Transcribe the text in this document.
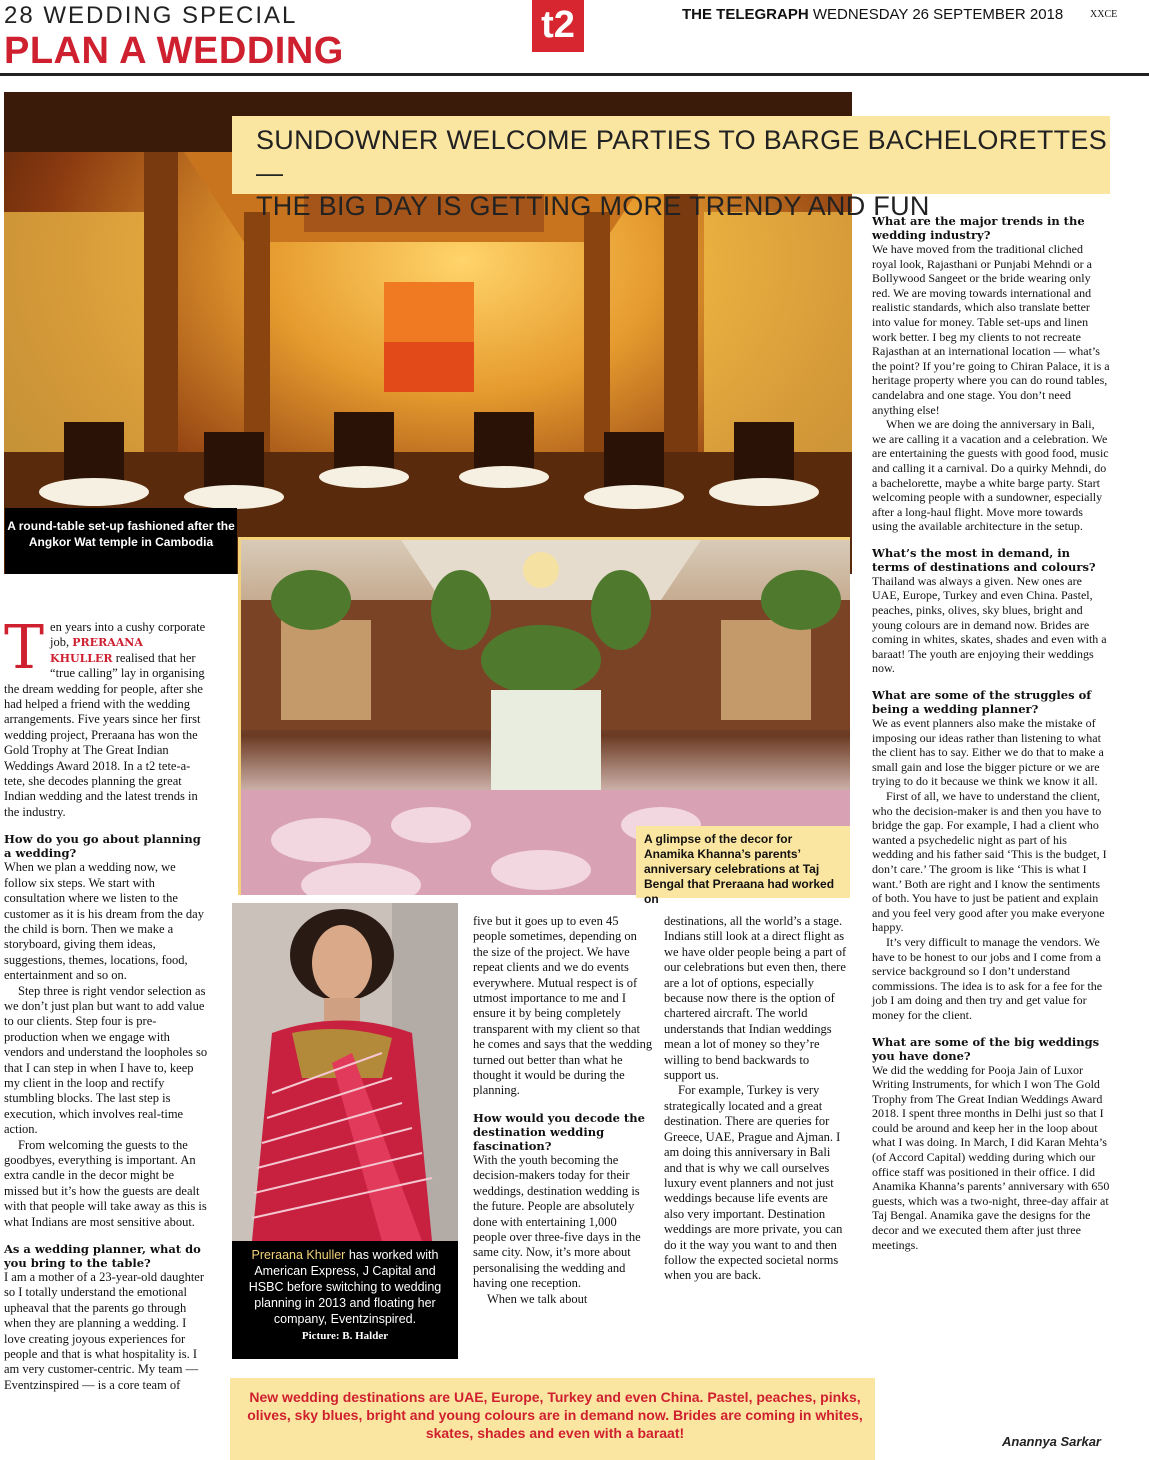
28 WEDDING SPECIAL
PLAN A WEDDING
t2	THE TELEGRAPH WEDNESDAY 26 SEPTEMBER 2018	XXCE
A round-table set-up fashioned after the Angkor Wat temple in Cambodia
SUNDOWNER WELCOME PARTIES TO BARGE BACHELORETTES —
THE BIG DAY IS GETTING MORE TRENDY AND FUN
A glimpse of the decor for Anamika Khanna’s parents’ anniversary celebrations at Taj Bengal that Preraana had worked on
Preraana Khuller has worked with American Express, J Capital and HSBC before switching to wedding planning in 2013 and floating her company, Eventzinspired.
Picture: B. Halder
T en years into a cushy corporate job, PRERAANA KHULLER realised that her “true calling” lay in organising the dream wedding for people, after she had helped a friend with the wedding arrangements. Five years since her first wedding project, Preraana has won the Gold Trophy at The Great Indian Weddings Award 2018. In a t2 tete-a-tete, she decodes planning the great Indian wedding and the latest trends in the industry.

How do you go about planning a wedding?

When we plan a wedding now, we follow six steps. We start with consultation where we listen to the customer as it is his dream from the day the child is born. Then we make a storyboard, giving them ideas, suggestions, themes, locations, food, entertainment and so on.

Step three is right vendor selection as we don’t just plan but want to add value to our clients. Step four is pre-production when we engage with vendors and understand the loopholes so that I can step in when I have to, keep my client in the loop and rectify stumbling blocks. The last step is execution, which involves real-time action.

From welcoming the guests to the goodbyes, everything is important. An extra candle in the decor might be missed but it’s how the guests are dealt with that people will take away as this is what Indians are most sensitive about.

As a wedding planner, what do you bring to the table?

I am a mother of a 23-year-old daughter so I totally understand the emotional upheaval that the parents go through when they are planning a wedding. I love creating joyous experiences for people and that is what hospitality is. I am very customer-centric. My team — Eventzinspired — is a core team of

five but it goes up to even 45 people sometimes, depending on the size of the project. We have repeat clients and we do events everywhere. Mutual respect is of utmost importance to me and I ensure it by being completely transparent with my client so that he comes and says that the wedding turned out better than what he thought it would be during the planning.

How would you decode the destination wedding fascination?

With the youth becoming the decision-makers today for their weddings, destination wedding is the future. People are absolutely done with entertaining 1,000 people over three-five days in the same city. Now, it’s more about personalising the wedding and having one reception.

When we talk about

destinations, all the world’s a stage. Indians still look at a direct flight as we have older people being a part of our celebrations but even then, there are a lot of options, especially because now there is the option of chartered aircraft. The world understands that Indian weddings mean a lot of money so they’re willing to bend backwards to support us.

For example, Turkey is very strategically located and a great destination. There are queries for Greece, UAE, Prague and Ajman. I am doing this anniversary in Bali and that is why we call ourselves luxury event planners and not just weddings because life events are also very important. Destination weddings are more private, you can do it the way you want to and then follow the expected societal norms when you are back.

What are the major trends in the wedding industry?

We have moved from the traditional cliched royal look, Rajasthani or Punjabi Mehndi or a Bollywood Sangeet or the bride wearing only red. We are moving towards international and realistic standards, which also translate better into value for money. Table set-ups and linen work better. I beg my clients to not recreate Rajasthan at an international location — what’s the point? If you’re going to Chiran Palace, it is a heritage property where you can do round tables, candelabra and one stage. You don’t need anything else!

When we are doing the anniversary in Bali, we are calling it a vacation and a celebration. We are entertaining the guests with good food, music and calling it a carnival. Do a quirky Mehndi, do a bachelorette, maybe a white barge party. Start welcoming people with a sundowner, especially after a long-haul flight. Move more towards using the available architecture in the setup.

What’s the most in demand, in terms of destinations and colours?

Thailand was always a given. New ones are UAE, Europe, Turkey and even China. Pastel, peaches, pinks, olives, sky blues, bright and young colours are in demand now. Brides are coming in whites, skates, shades and even with a baraat! The youth are enjoying their weddings now.

What are some of the struggles of being a wedding planner?

We as event planners also make the mistake of imposing our ideas rather than listening to what the client has to say. Either we do that to make a small gain and lose the bigger picture or we are trying to do it because we think we know it all.

First of all, we have to understand the client, who the decision-maker is and then you have to bridge the gap. For example, I had a client who wanted a psychedelic night as part of his wedding and his father said ‘This is the budget, I don’t care.’ The groom is like ‘This is what I want.’ Both are right and I know the sentiments of both. You have to just be patient and explain and you feel very good after you make everyone happy.

It’s very difficult to manage the vendors. We have to be honest to our jobs and I come from a service background so I don’t understand commissions. The idea is to ask for a fee for the job I am doing and then try and get value for money for the client.

What are some of the big weddings you have done?

We did the wedding for Pooja Jain of Luxor Writing Instruments, for which I won The Gold Trophy from The Great Indian Weddings Award 2018. I spent three months in Delhi just so that I could be around and keep her in the loop about what I was doing. In March, I did Karan Mehta’s (of Accord Capital) wedding during which our office staff was positioned in their office. I did Anamika Khanna’s parents’ anniversary with 650 guests, which was a two-night, three-day affair at Taj Bengal. Anamika gave the designs for the decor and we executed them after just three meetings.

New wedding destinations are UAE, Europe, Turkey and even China. Pastel, peaches, pinks, olives, sky blues, bright and young colours are in demand now. Brides are coming in whites, skates, shades and even with a baraat!
Anannya Sarkar
